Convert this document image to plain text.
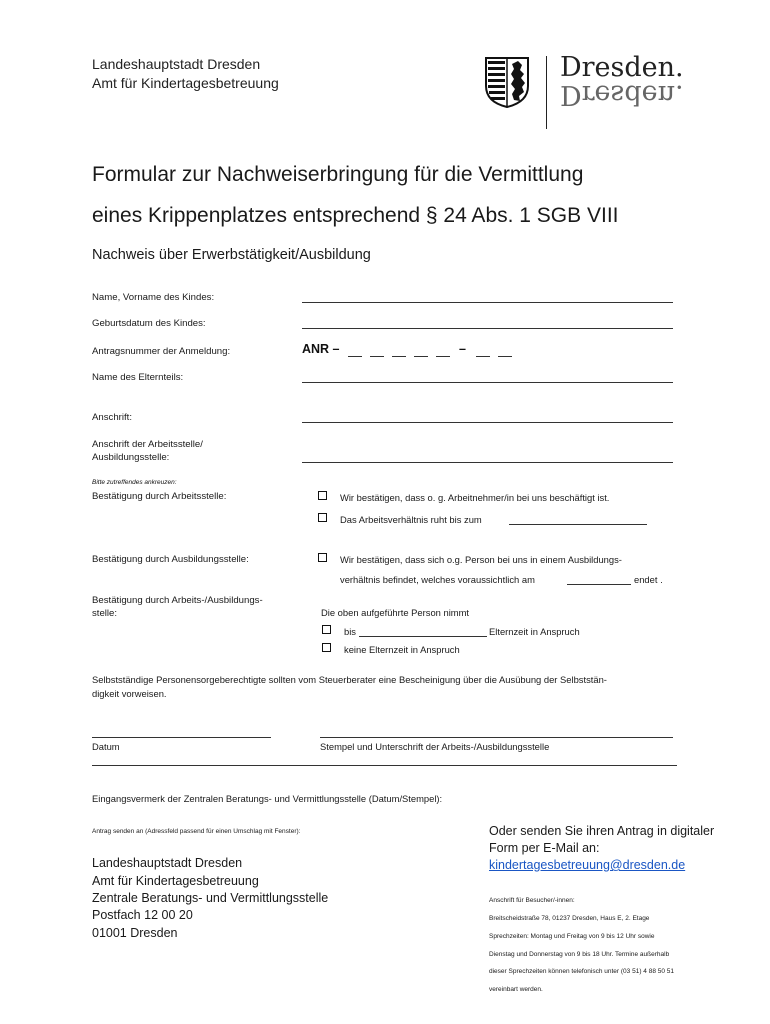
Landeshauptstadt Dresden
Amt für Kindertagesbetreuung	Dresden.
Dresden.
Formular zur Nachweiserbringung für die Vermittlung
eines Krippenplatzes entsprechend § 24 Abs. 1 SGB VIII
Nachweis über Erwerbstätigkeit/Ausbildung
Name, Vorname des Kindes:
Geburtsdatum des Kindes:
Antragsnummer der Anmeldung:	ANR –	–
Name des Elternteils:
Anschrift:
Anschrift der Arbeitsstelle/
Ausbildungsstelle:
Bitte zutreffendes ankreuzen:
Bestätigung durch Arbeitsstelle:	Wir bestätigen, dass o. g. Arbeitnehmer/in bei uns beschäftigt ist.
Das Arbeitsverhältnis ruht bis zum
Bestätigung durch Ausbildungsstelle:	Wir bestätigen, dass sich o.g. Person bei uns in einem Ausbildungs-
verhältnis befindet, welches voraussichtlich am	endet .
Bestätigung durch Arbeits-/Ausbildungs-
stelle:	Die oben aufgeführte Person nimmt
bis	Elternzeit in Anspruch
keine Elternzeit in Anspruch
Selbstständige Personensorgeberechtigte sollten vom Steuerberater eine Bescheinigung über die Ausübung der Selbststän-
digkeit vorweisen.
Datum	Stempel und Unterschrift der Arbeits-/Ausbildungsstelle
Eingangsvermerk der Zentralen Beratungs- und Vermittlungsstelle (Datum/Stempel):
Antrag senden an (Adressfeld passend für einen Umschlag mit Fenster):
Landeshauptstadt Dresden
Amt für Kindertagesbetreuung
Zentrale Beratungs- und Vermittlungsstelle
Postfach 12 00 20
01001 Dresden
Oder senden Sie ihren Antrag in digitaler
Form per E-Mail an:
kindertagesbetreuung@dresden.de
Anschrift für Besucher/-innen:
Breitscheidstraße 78, 01237 Dresden, Haus E, 2. Etage
Sprechzeiten: Montag und Freitag von 9 bis 12 Uhr sowie
Dienstag und Donnerstag von 9 bis 18 Uhr. Termine außerhalb
dieser Sprechzeiten können telefonisch unter (03 51) 4 88 50 51
vereinbart werden.
